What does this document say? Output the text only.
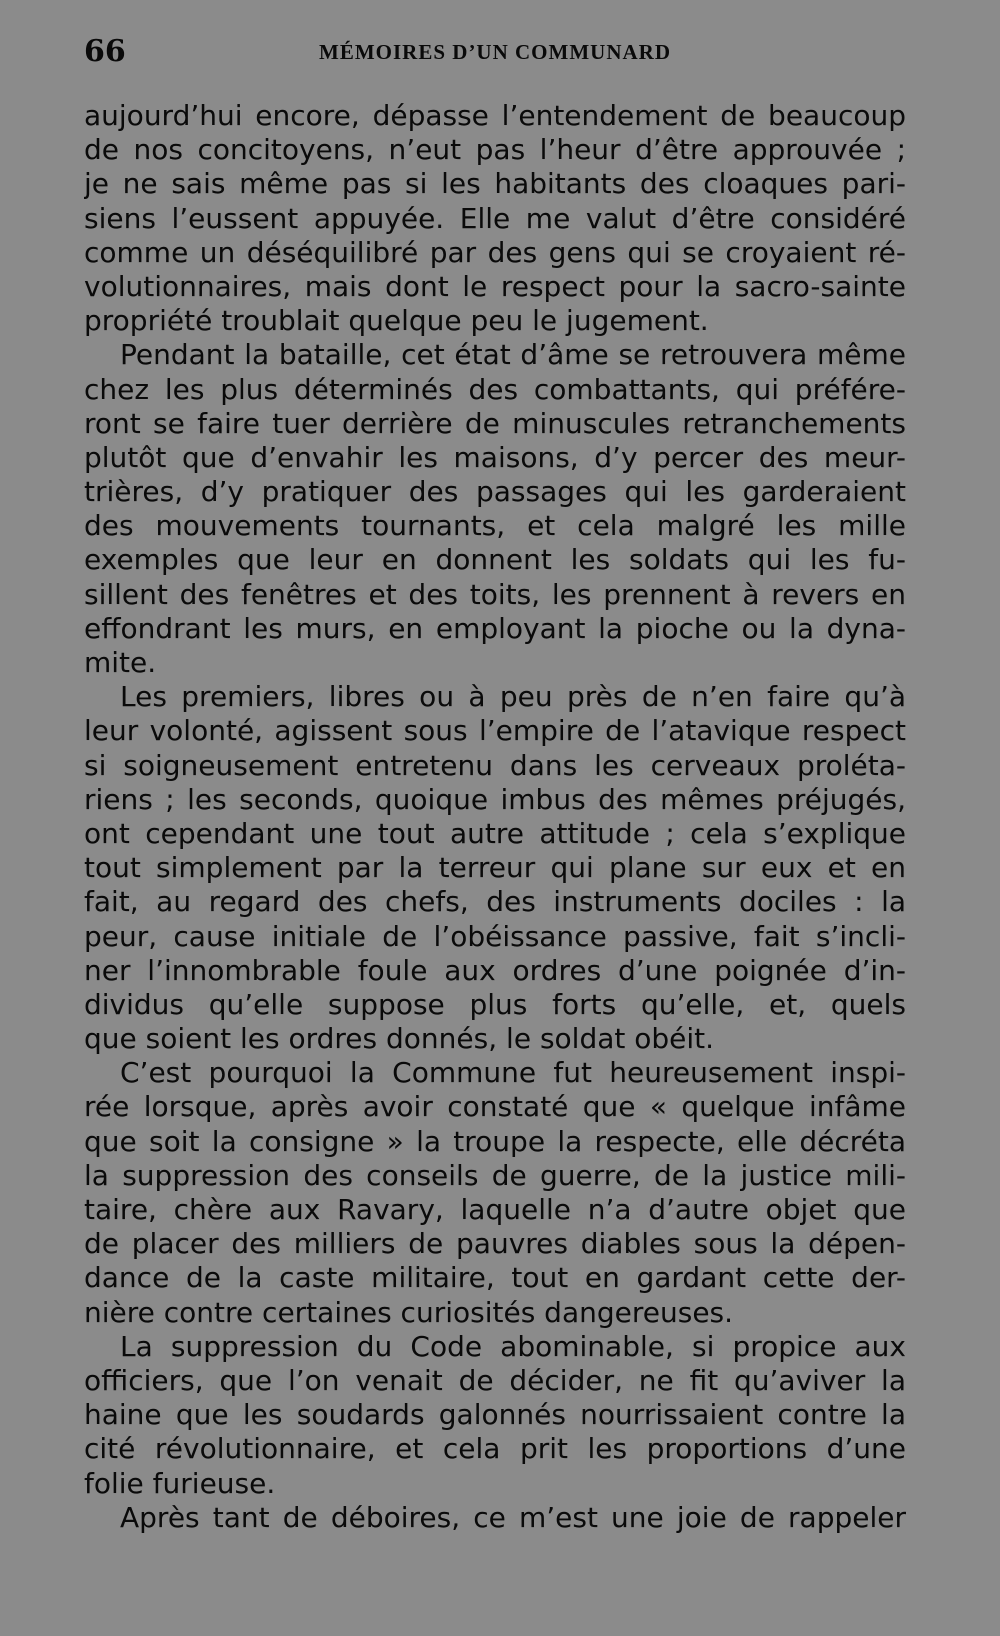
66	MÉMOIRES D’UN COMMUNARD
aujourd’hui encore, dépasse l’entendement de beaucoup
de nos concitoyens, n’eut pas l’heur d’être approuvée ;
je ne sais même pas si les habitants des cloaques pari-
siens l’eussent appuyée. Elle me valut d’être considéré
comme un déséquilibré par des gens qui se croyaient ré-
volutionnaires, mais dont le respect pour la sacro-sainte
propriété troublait quelque peu le jugement.
Pendant la bataille, cet état d’âme se retrouvera même
chez les plus déterminés des combattants, qui préfére-
ront se faire tuer derrière de minuscules retranchements
plutôt que d’envahir les maisons, d’y percer des meur-
trières, d’y pratiquer des passages qui les garderaient
des mouvements tournants, et cela malgré les mille
exemples que leur en donnent les soldats qui les fu-
sillent des fenêtres et des toits, les prennent à revers en
effondrant les murs, en employant la pioche ou la dyna-
mite.
Les premiers, libres ou à peu près de n’en faire qu’à
leur volonté, agissent sous l’empire de l’atavique respect
si soigneusement entretenu dans les cerveaux prolétа-
riens ; les seconds, quoique imbus des mêmes préjugés,
ont cependant une tout autre attitude ; cela s’explique
tout simplement par la terreur qui plane sur eux et en
fait, au regard des chefs, des instruments dociles : la
peur, cause initiale de l’obéissance passive, fait s’incli-
ner l’innombrable foule aux ordres d’une poignée d’in-
dividus qu’elle suppose plus forts qu’elle, et, quels
que soient les ordres donnés, le soldat obéit.
C’est pourquoi la Commune fut heureusement inspi-
rée lorsque, après avoir constaté que « quelque infâme
que soit la consigne » la troupe la respecte, elle décréta
la suppression des conseils de guerre, de la justice mili-
taire, chère aux Ravary, laquelle n’a d’autre objet que
de placer des milliers de pauvres diables sous la dépen-
dance de la caste militaire, tout en gardant cette der-
nière contre certaines curiosités dangereuses.
La suppression du Code abominable, si propice aux
officiers, que l’on venait de décider, ne fit qu’aviver la
haine que les soudards galonnés nourrissaient contre la
cité révolutionnaire, et cela prit les proportions d’une
folie furieuse.
Après tant de déboires, ce m’est une joie de rappeler
